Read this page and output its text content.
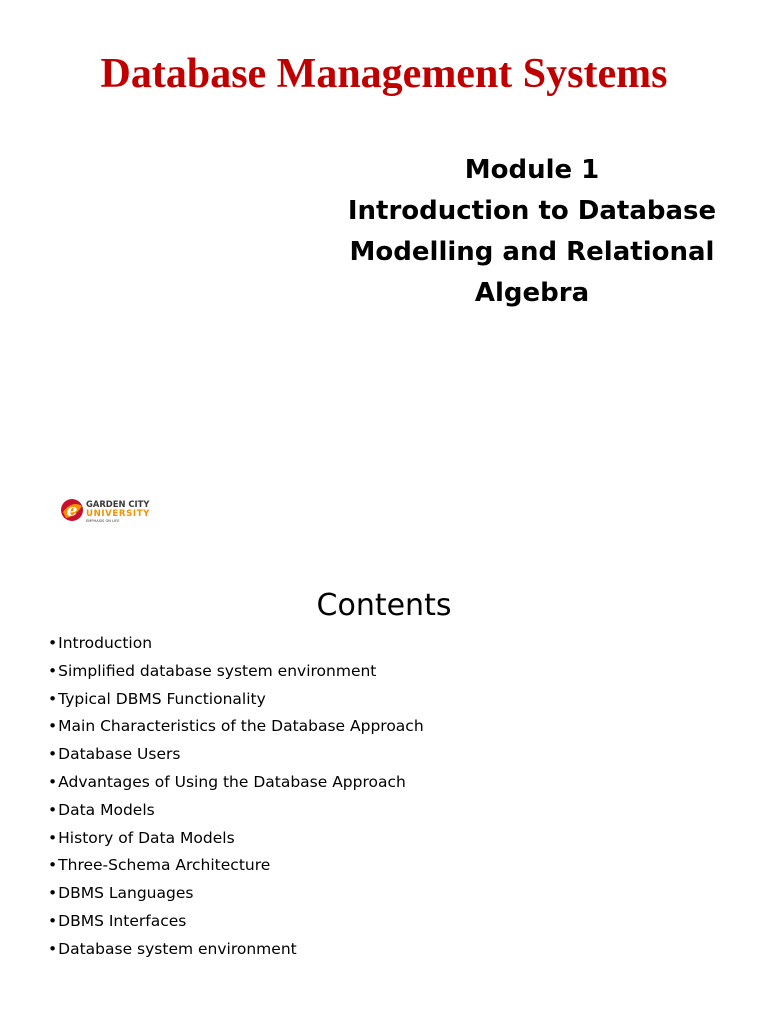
Database Management Systems
Module 1
Introduction to Database
Modelling and Relational
Algebra
e GARDEN CITY
UNIVERSITY
EMPHASIS ON LIFE
Contents
•Introduction
•Simplified database system environment
•Typical DBMS Functionality
•Main Characteristics of the Database Approach
•Database Users
•Advantages of Using the Database Approach
•Data Models
•History of Data Models
•Three-Schema Architecture
•DBMS Languages
•DBMS Interfaces
•Database system environment
